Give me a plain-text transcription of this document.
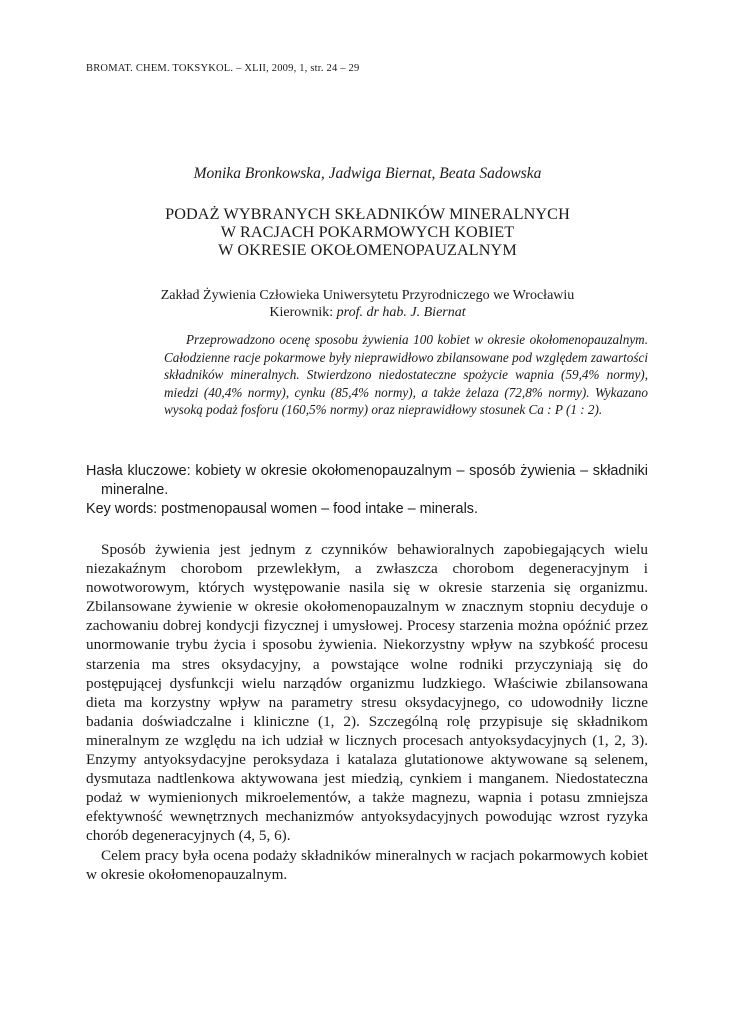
BROMAT. CHEM. TOKSYKOL. – XLII, 2009, 1, str. 24 – 29
Monika Bronkowska, Jadwiga Biernat, Beata Sadowska
PODAŻ WYBRANYCH SKŁADNIKÓW MINERALNYCH
W RACJACH POKARMOWYCH KOBIET
W OKRESIE OKOŁOMENOPAUZALNYM
Zakład Żywienia Człowieka Uniwersytetu Przyrodniczego we Wrocławiu
Kierownik: prof. dr hab. J. Biernat

Przeprowadzono ocenę sposobu żywienia 100 kobiet w okresie okołomenopauzalnym. Całodzienne racje pokarmowe były nieprawidłowo zbilansowane pod względem zawartości składników mineralnych. Stwierdzono niedostateczne spożycie wapnia (59,4% normy), miedzi (40,4% normy), cynku (85,4% normy), a także żelaza (72,8% normy). Wykazano wysoką podaż fosforu (160,5% normy) oraz nieprawidłowy stosunek Ca : P (1 : 2).

Hasła kluczowe: kobiety w okresie okołomenopauzalnym – sposób żywienia – składniki mineralne.

Key words: postmenopausal women – food intake – minerals.

Sposób żywienia jest jednym z czynników behawioralnych zapobiegających wielu niezakaźnym chorobom przewlekłym, a zwłaszcza chorobom degeneracyjnym i nowotworowym, których występowanie nasila się w okresie starzenia się organizmu. Zbilansowane żywienie w okresie okołomenopauzalnym w znacznym stopniu decyduje o zachowaniu dobrej kondycji fizycznej i umysłowej. Procesy starzenia można opóźnić przez unormowanie trybu życia i sposobu żywienia. Niekorzystny wpływ na szybkość procesu starzenia ma stres oksydacyjny, a powstające wolne rodniki przyczyniają się do postępującej dysfunkcji wielu narządów organizmu ludzkiego. Właściwie zbilansowana dieta ma korzystny wpływ na parametry stresu oksydacyjnego, co udowodniły liczne badania doświadczalne i kliniczne (1, 2). Szczególną rolę przypisuje się składnikom mineralnym ze względu na ich udział w licznych procesach antyoksydacyjnych (1, 2, 3). Enzymy antyoksydacyjne peroksydaza i katalaza glutationowe aktywowane są selenem, dysmutaza nadtlenkowa aktywowana jest miedzią, cynkiem i manganem. Niedostateczna podaż w wymienionych mikroelementów, a także magnezu, wapnia i potasu zmniejsza efektywność wewnętrznych mechanizmów antyoksydacyjnych powodując wzrost ryzyka chorób degeneracyjnych (4, 5, 6).

Celem pracy była ocena podaży składników mineralnych w racjach pokarmowych kobiet w okresie okołomenopauzalnym.
